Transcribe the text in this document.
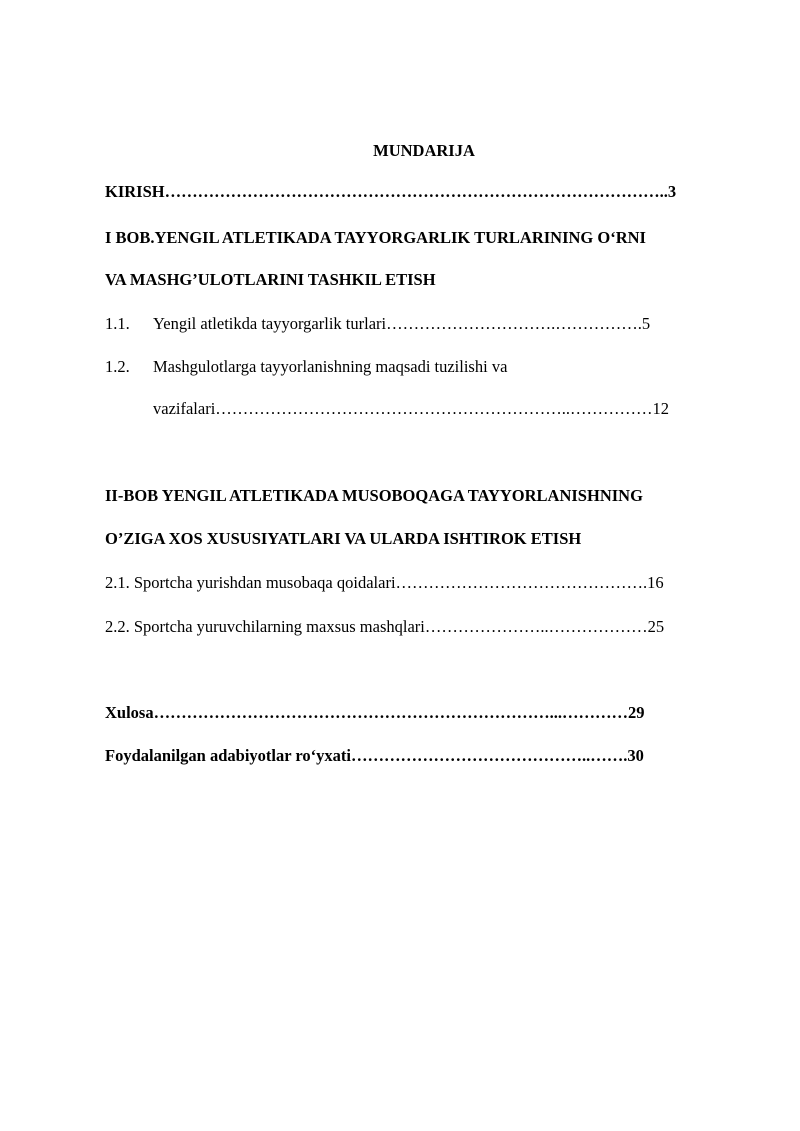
MUNDARIJA
KIRISH………………………………………………………………………………..3
I BOB.YENGIL ATLETIKADA TAYYORGARLIK TURLARINING O‘RNI
VA MASHG’ULOTLARINI TASHKIL ETISH
1.1. Yengil atletikda tayyorgarlik turlari………………………….…………….5
1.2. Mashgulotlarga tayyorlanishning maqsadi tuzilishi va
vazifalari………………………………………………………..……………12
II-BOB YENGIL ATLETIKADA MUSOBOQAGA TAYYORLANISHNING
O’ZIGA XOS XUSUSIYATLARI VA ULARDA ISHTIROK ETISH
2.1. Sportcha yurishdan musobaqa qoidalari……………………………………….16
2.2. Sportcha yuruvchilarning maxsus mashqlari…………………..………………25
Xulosa………………………………………………………………...…………29
Foydalanilgan adabiyotlar ro‘yxati……………………………………..…….30
